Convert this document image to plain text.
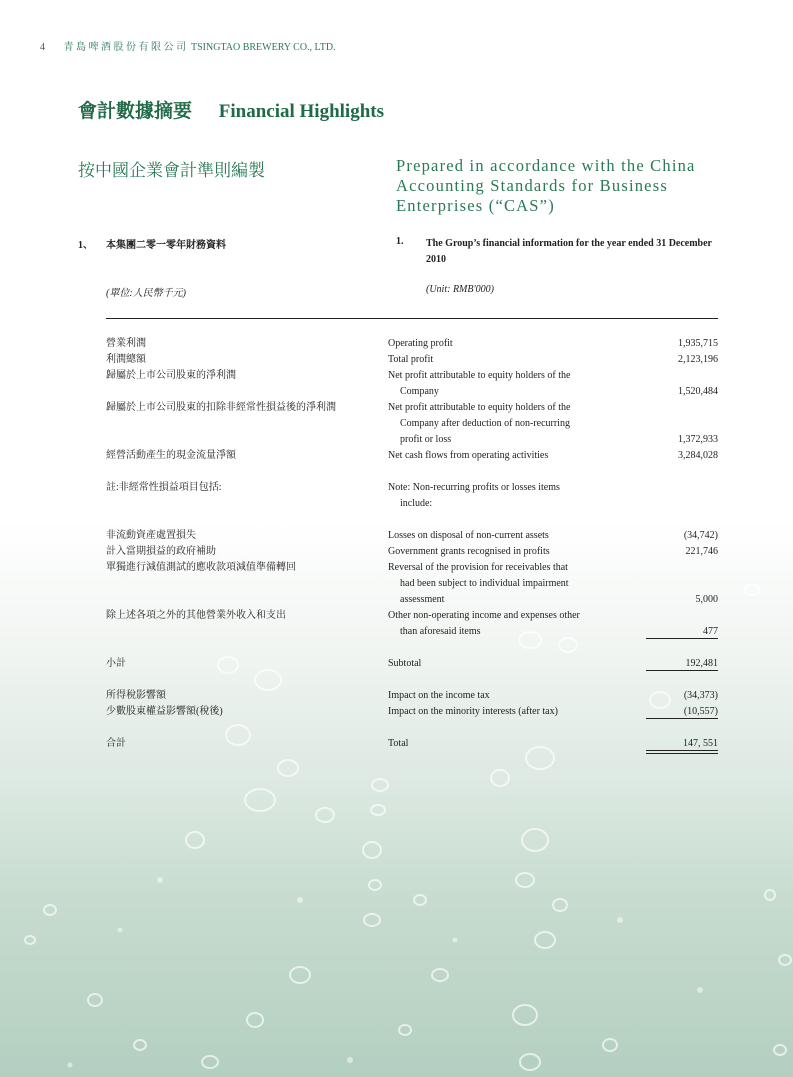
4 青 島 啤 酒 股 份 有 限 公 司 TSINGTAO BREWERY CO., LTD.
會計數據摘要 Financial Highlights
按中國企業會計準則編製	Prepared in accordance with the China Accounting Standards for Business Enterprises (“CAS”)
1、 本集團二零一零年財務資料	1. The Group’s financial information for the year ended 31 December 2010
(單位:人民幣千元)	(Unit: RMB'000)
營業利潤	Operating profit	1,935,715
利潤總額	Total profit	2,123,196
歸屬於上市公司股東的淨利潤	Net profit attributable to equity holders of the
Company	1,520,484
歸屬於上市公司股東的扣除非經常性損益後的淨利潤	Net profit attributable to equity holders of the
Company after deduction of non-recurring
profit or loss	1,372,933
經營活動產生的現金流量淨額	Net cash flows from operating activities	3,284,028
註:非經常性損益項目包括:	Note: Non-recurring profits or losses items
include:
非流動資產處置損失	Losses on disposal of non-current assets	(34,742)
計入當期損益的政府補助	Government grants recognised in profits	221,746
單獨進行減值測試的應收款項減值準備轉回	Reversal of the provision for receivables that
had been subject to individual impairment
assessment	5,000
除上述各項之外的其他營業外收入和支出	Other non-operating income and expenses other
than aforesaid items	477
小計	Subtotal	192,481
所得稅影響額	Impact on the income tax	(34,373)
少數股東權益影響額(稅後)	Impact on the minority interests (after tax)	(10,557)
合計	Total	147, 551
